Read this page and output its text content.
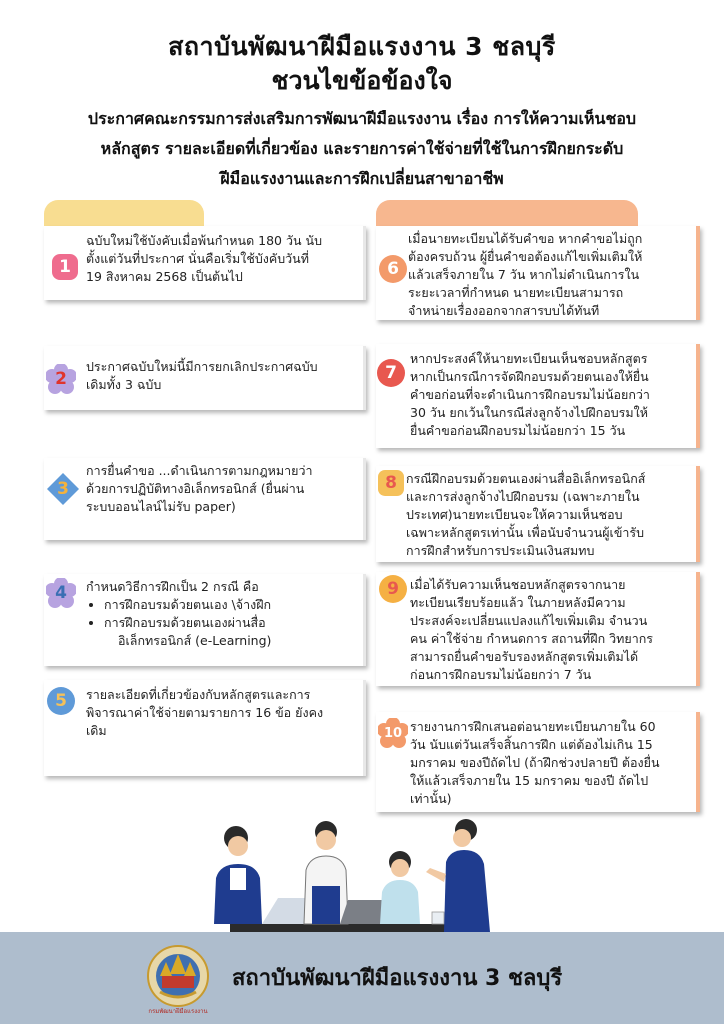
สถาบันพัฒนาฝีมือแรงงาน 3 ชลบุรี
ชวนไขข้อข้องใจ
ประกาศคณะกรรมการส่งเสริมการพัฒนาฝีมือแรงงาน เรื่อง การให้ความเห็นชอบ
หลักสูตร รายละเอียดที่เกี่ยวข้อง และรายการค่าใช้จ่ายที่ใช้ในการฝึกยกระดับ
ฝีมือแรงงานและการฝึกเปลี่ยนสาขาอาชีพ
1
ฉบับใหม่ใช้บังคับเมื่อพ้นกำหนด 180 วัน นับ
ตั้งแต่วันที่ประกาศ นั่นคือเริ่มใช้บังคับวันที่
19 สิงหาคม 2568 เป็นต้นไป
2
ประกาศฉบับใหม่นี้มีการยกเลิกประกาศฉบับ
เดิมทั้ง 3 ฉบับ
3
การยื่นคำขอ ...ดำเนินการตามกฎหมายว่า
ด้วยการปฏิบัติทางอิเล็กทรอนิกส์ (ยื่นผ่าน
ระบบออนไลน์ไม่รับ paper)
4 กำหนดวิธีการฝึกเป็น 2 กรณี คือ
• การฝึกอบรมด้วยตนเอง \จ้างฝึก
• การฝึกอบรมด้วยตนเองผ่านสื่อ
อิเล็กทรอนิกส์ (e-Learning)
5 รายละเอียดที่เกี่ยวข้องกับหลักสูตรและการ
พิจารณาค่าใช้จ่ายตามรายการ 16 ข้อ ยังคง
เดิม
6
เมื่อนายทะเบียนได้รับคำขอ หากคำขอไม่ถูก
ต้องครบถ้วน ผู้ยื่นคำขอต้องแก้ไขเพิ่มเติมให้
แล้วเสร็จภายใน 7 วัน หากไม่ดำเนินการใน
ระยะเวลาที่กำหนด นายทะเบียนสามารถ
จำหน่ายเรื่องออกจากสารบบได้ทันที
7
หากประสงค์ให้นายทะเบียนเห็นชอบหลักสูตร
หากเป็นกรณีการจัดฝึกอบรมด้วยตนเองให้ยื่น
คำขอก่อนที่จะดำเนินการฝึกอบรมไม่น้อยกว่า
30 วัน ยกเว้นในกรณีส่งลูกจ้างไปฝึกอบรมให้
ยื่นคำขอก่อนฝึกอบรมไม่น้อยกว่า 15 วัน
8 กรณีฝึกอบรมด้วยตนเองผ่านสื่ออิเล็กทรอนิกส์
และการส่งลูกจ้างไปฝึกอบรม (เฉพาะภายใน
ประเทศ)นายทะเบียนจะให้ความเห็นชอบ
เฉพาะหลักสูตรเท่านั้น เพื่อนับจำนวนผู้เข้ารับ
การฝึกสำหรับการประเมินเงินสมทบ
9 เมื่อได้รับความเห็นชอบหลักสูตรจากนาย
ทะเบียนเรียบร้อยแล้ว ในภายหลังมีความ
ประสงค์จะเปลี่ยนแปลงแก้ไขเพิ่มเติม จำนวน
คน ค่าใช้จ่าย กำหนดการ สถานที่ฝึก วิทยากร
สามารถยื่นคำขอรับรองหลักสูตรเพิ่มเติมได้
ก่อนการฝึกอบรมไม่น้อยกว่า 7 วัน
10 รายงานการฝึกเสนอต่อนายทะเบียนภายใน 60
วัน นับแต่วันเสร็จสิ้นการฝึก แต่ต้องไม่เกิน 15
มกราคม ของปีถัดไป (ถ้าฝึกช่วงปลายปี ต้องยื่น
ให้แล้วเสร็จภายใน 15 มกราคม ของปี ถัดไป
เท่านั้น)
กรมพัฒนาฝีมือแรงงาน
สถาบันพัฒนาฝีมือแรงงาน 3 ชลบุรี
